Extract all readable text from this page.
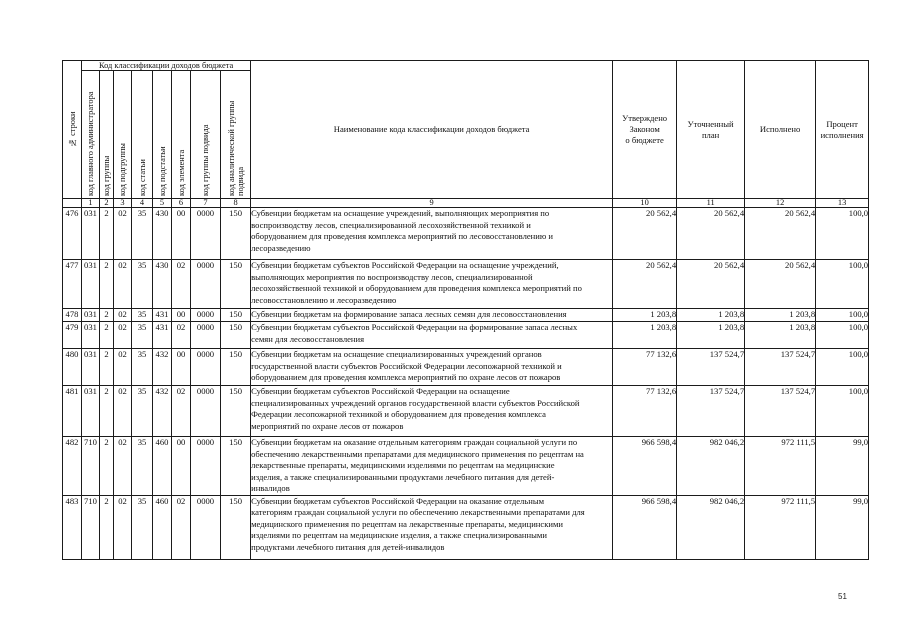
№ строки	Код классификации доходов бюджета								Наименование кода классификации доходов бюджета	Утверждено
Законом
о бюджете	Уточненный
план	Исполнено	Процент
исполнения

	код главного администратора	код группы	код подгруппы	код статьи	код подстатьи	код элемента	код группы подвида	код аналитической группы подвида					
	1	2	3	4	5	6	7	8	9	10	11	12	13
476	031	2	02	35	430	00	0000	150	Субвенции бюджетам на оснащение учреждений, выполняющих мероприятия по
воспроизводству лесов, специализированной лесохозяйственной техникой и
оборудованием для проведения комплекса мероприятий по лесовосстановлению и
лесоразведению	20 562,4	20 562,4	20 562,4	100,0
477	031	2	02	35	430	02	0000	150	Субвенции бюджетам субъектов Российской Федерации на оснащение учреждений,
выполняющих мероприятия по воспроизводству лесов, специализированной
лесохозяйственной техникой и оборудованием для проведения комплекса мероприятий по
лесовосстановлению и лесоразведению	20 562,4	20 562,4	20 562,4	100,0
478	031	2	02	35	431	00	0000	150	Субвенции бюджетам на формирование запаса лесных семян для лесовосстановления	1 203,8	1 203,8	1 203,8	100,0
479	031	2	02	35	431	02	0000	150	Субвенции бюджетам субъектов Российской Федерации на формирование запаса лесных
семян для лесовосстановления	1 203,8	1 203,8	1 203,8	100,0
480	031	2	02	35	432	00	0000	150	Субвенции бюджетам на оснащение специализированных учреждений органов
государственной власти субъектов Российской Федерации лесопожарной техникой и
оборудованием для проведения комплекса мероприятий по охране лесов от пожаров	77 132,6	137 524,7	137 524,7	100,0
481	031	2	02	35	432	02	0000	150	Субвенции бюджетам субъектов Российской Федерации на оснащение
специализированных учреждений органов государственной власти субъектов Российской
Федерации лесопожарной техникой и оборудованием для проведения комплекса
мероприятий по охране лесов от пожаров	77 132,6	137 524,7	137 524,7	100,0
482	710	2	02	35	460	00	0000	150	Субвенции бюджетам на оказание отдельным категориям граждан социальной услуги по
обеспечению лекарственными препаратами для медицинского применения по рецептам на
лекарственные препараты, медицинскими изделиями по рецептам на медицинские
изделия, а также специализированными продуктами лечебного питания для детей-
инвалидов	966 598,4	982 046,2	972 111,5	99,0
483	710	2	02	35	460	02	0000	150	Субвенции бюджетам субъектов Российской Федерации на оказание отдельным
категориям граждан социальной услуги по обеспечению лекарственными препаратами для
медицинского применения по рецептам на лекарственные препараты, медицинскими
изделиями по рецептам на медицинские изделия, а также специализированными
продуктами лечебного питания для детей-инвалидов	966 598,4	982 046,2	972 111,5	99,0
51
